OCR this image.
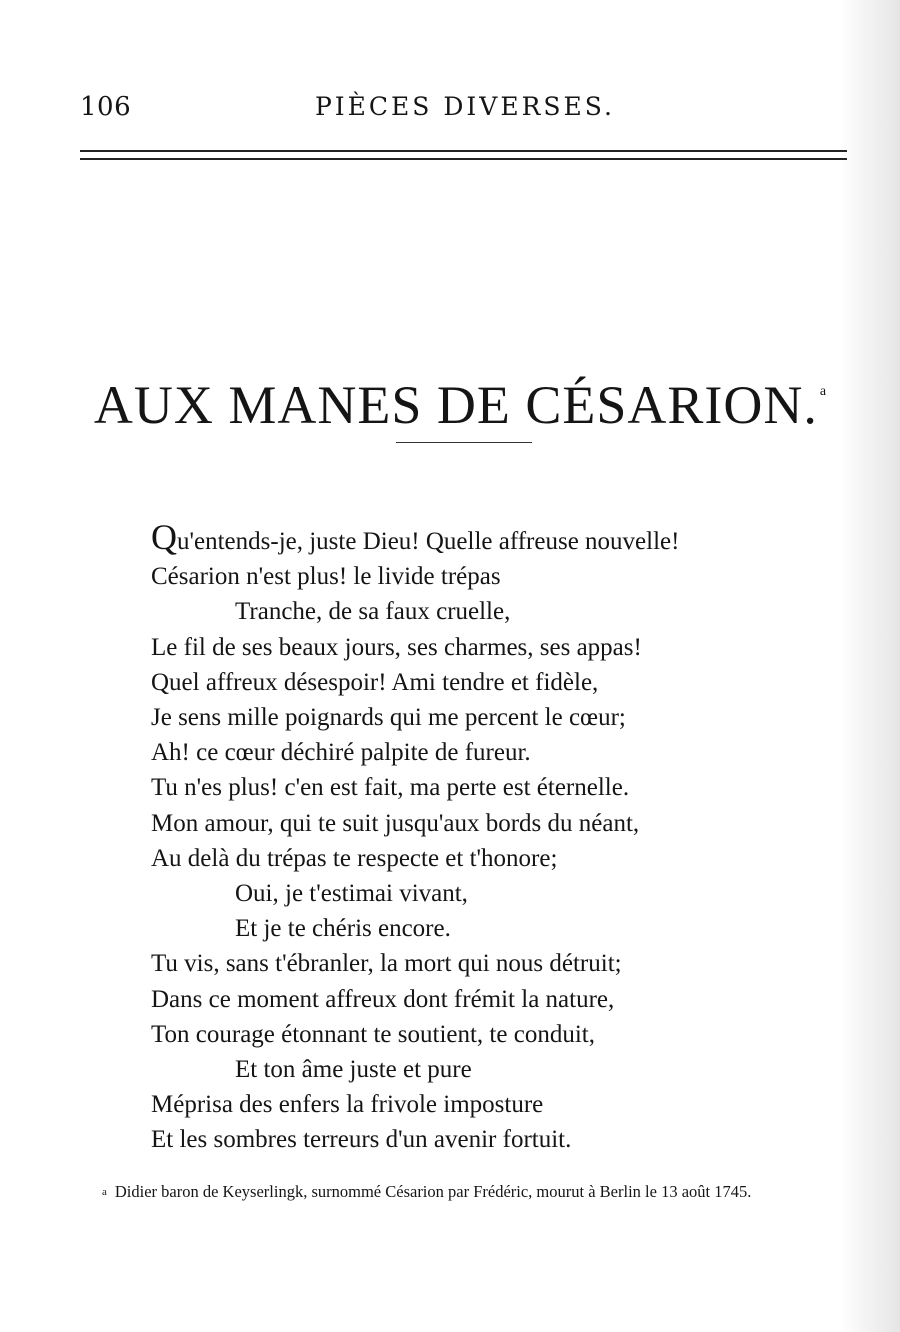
106	PIÈCES DIVERSES.
AUX MANES DE CÉSARION. $^a$
Qu'entends-je, juste Dieu! Quelle affreuse nouvelle!
Césarion n'est plus! le livide trépas
Tranche, de sa faux cruelle,
Le fil de ses beaux jours, ses charmes, ses appas!
Quel affreux désespoir! Ami tendre et fidèle,
Je sens mille poignards qui me percent le cœur;
Ah! ce cœur déchiré palpite de fureur.
Tu n'es plus! c'en est fait, ma perte est éternelle.
Mon amour, qui te suit jusqu'aux bords du néant,
Au delà du trépas te respecte et t'honore;
Oui, je t'estimai vivant,
Et je te chéris encore.
Tu vis, sans t'ébranler, la mort qui nous détruit;
Dans ce moment affreux dont frémit la nature,
Ton courage étonnant te soutient, te conduit,
Et ton âme juste et pure
Méprisa des enfers la frivole imposture
Et les sombres terreurs d'un avenir fortuit.
a Didier baron de Keyserlingk, surnommé Césarion par Frédéric, mourut à Berlin le 13 août 1745.
